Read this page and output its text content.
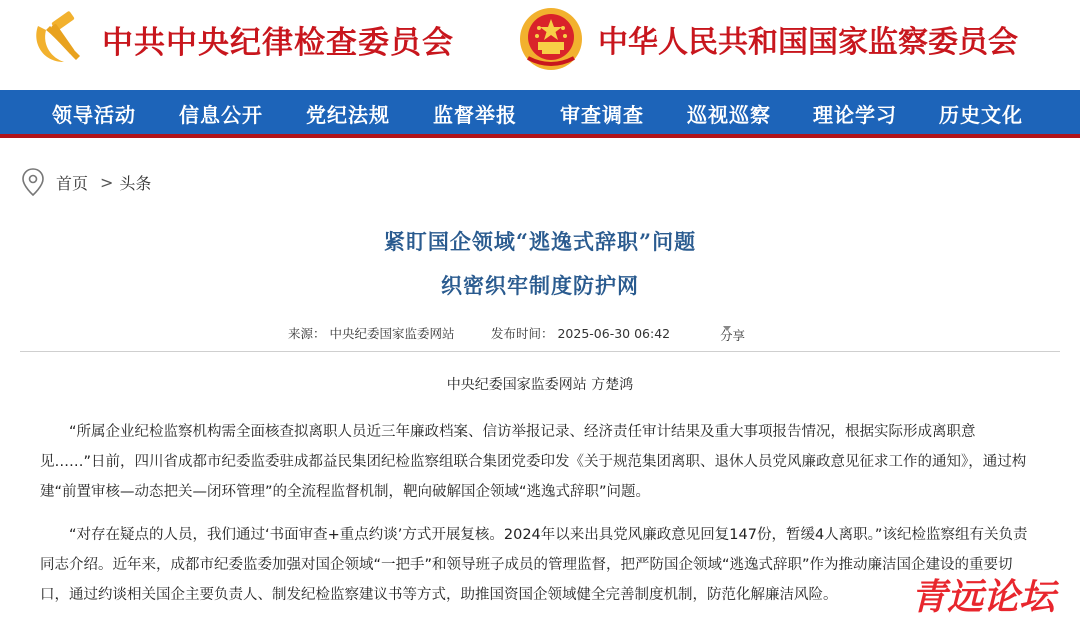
中共中央纪律检查委员会	中华人民共和国国家监察委员会
领导活动 信息公开 党纪法规 监督举报 审查调查 巡视巡察 理论学习 历史文化
首页 > 头条
紧盯国企领域“逃逸式辞职”问题
织密织牢制度防护网
来源： 中央纪委国家监委网站	发布时间： 2025-06-30 06:42	分享
中央纪委国家监委网站 方楚鸿

“所属企业纪检监察机构需全面核查拟离职人员近三年廉政档案、信访举报记录、经济责任审计结果及重大事项报告情况，根据实际形成离职意见……”日前，四川省成都市纪委监委驻成都益民集团纪检监察组联合集团党委印发《关于规范集团离职、退休人员党风廉政意见征求工作的通知》，通过构建“前置审核—动态把关—闭环管理”的全流程监督机制，靶向破解国企领域“逃逸式辞职”问题。

“对存在疑点的人员，我们通过‘书面审查+重点约谈’方式开展复核。2024年以来出具党风廉政意见回复147份，暂缓4人离职。”该纪检监察组有关负责同志介绍。近年来，成都市纪委监委加强对国企领域“一把手”和领导班子成员的管理监督，把严防国企领域“逃逸式辞职”作为推动廉洁国企建设的重要切口，通过约谈相关国企主要负责人、制发纪检监察建议书等方式，助推国资国企领域健全完善制度机制，防范化解廉洁风险。	青远论坛
